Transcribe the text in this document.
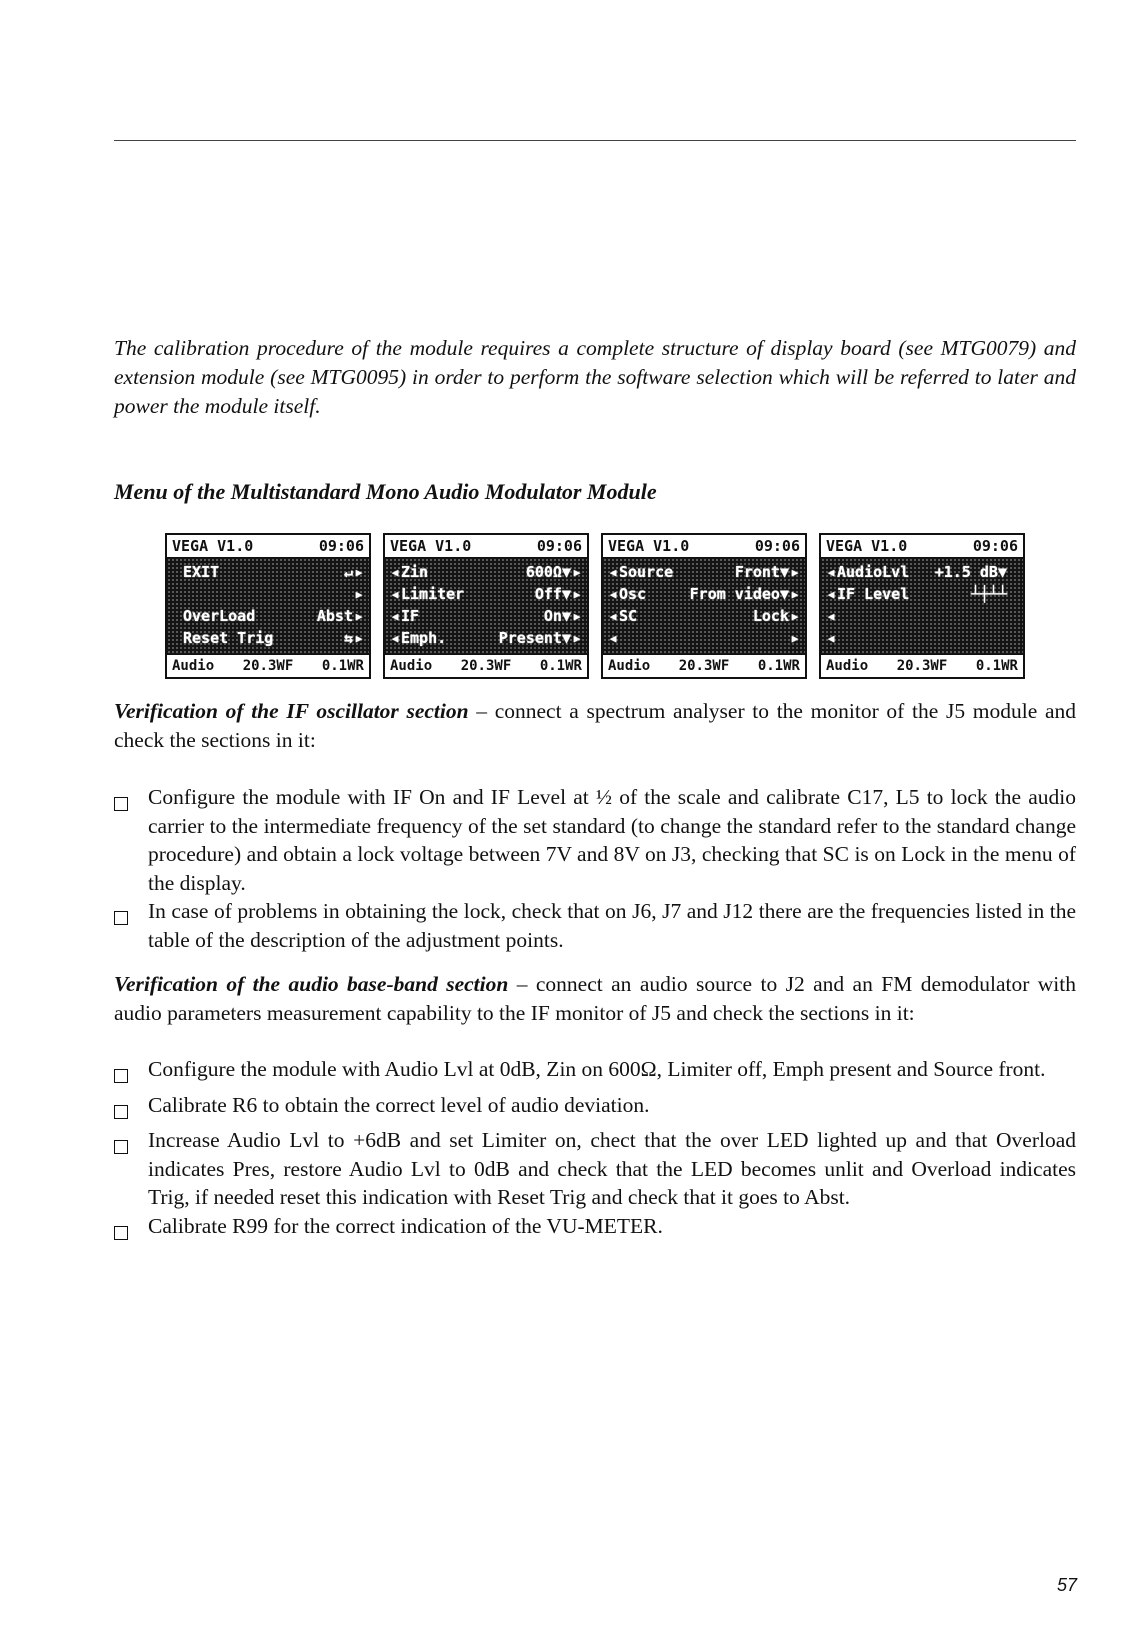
The calibration procedure of the module requires a complete structure of display board (see MTG0079) and extension module (see MTG0095) in order to perform the software selection which will be referred to later and power the module itself.

Menu of the Multistandard Mono Audio Modulator Module
VEGA V1.0	09:06
EXIT	↵ ▶
▶
OverLoad	Abst ▶
Reset Trig	⇆ ▶
Audio 20.3WF 0.1WR
VEGA V1.0	09:06
◀ Zin	600Ω▼ ▶
◀ Limiter	Off▼ ▶
◀ IF	On▼ ▶
◀ Emph.	Present▼ ▶
Audio 20.3WF 0.1WR
VEGA V1.0	09:06
◀ Source	Front▼ ▶
◀ Osc	From video▼ ▶
◀ SC	Lock ▶
◀	▶
Audio 20.3WF 0.1WR
VEGA V1.0	09:06
◀ AudioLvl	+1.5 dB▼
◀ IF Level	┴┼┴┴
◀
◀
Audio 20.3WF 0.1WR

Verification of the IF oscillator section – connect a spectrum analyser to the monitor of the J5 module and check the sections in it:

Configure the module with IF On and IF Level at ½ of the scale and calibrate C17, L5 to lock the audio carrier to the intermediate frequency of the set standard (to change the standard refer to the standard change procedure) and obtain a lock voltage between 7V and 8V on J3, checking that SC is on Lock in the menu of the display.
In case of problems in obtaining the lock, check that on J6, J7 and J12 there are the frequencies listed in the table of the description of the adjustment points.

Verification of the audio base-band section – connect an audio source to J2 and an FM demodulator with audio parameters measurement capability to the IF monitor of J5 and check the sections in it:

Configure the module with Audio Lvl at 0dB, Zin on 600Ω, Limiter off, Emph present and Source front.
Calibrate R6 to obtain the correct level of audio deviation.
Increase Audio Lvl to +6dB and set Limiter on, chect that the over LED lighted up and that Overload indicates Pres, restore Audio Lvl to 0dB and check that the LED becomes unlit and Overload indicates Trig, if needed reset this indication with Reset Trig and check that it goes to Abst.
Calibrate R99 for the correct indication of the VU-METER.
57
